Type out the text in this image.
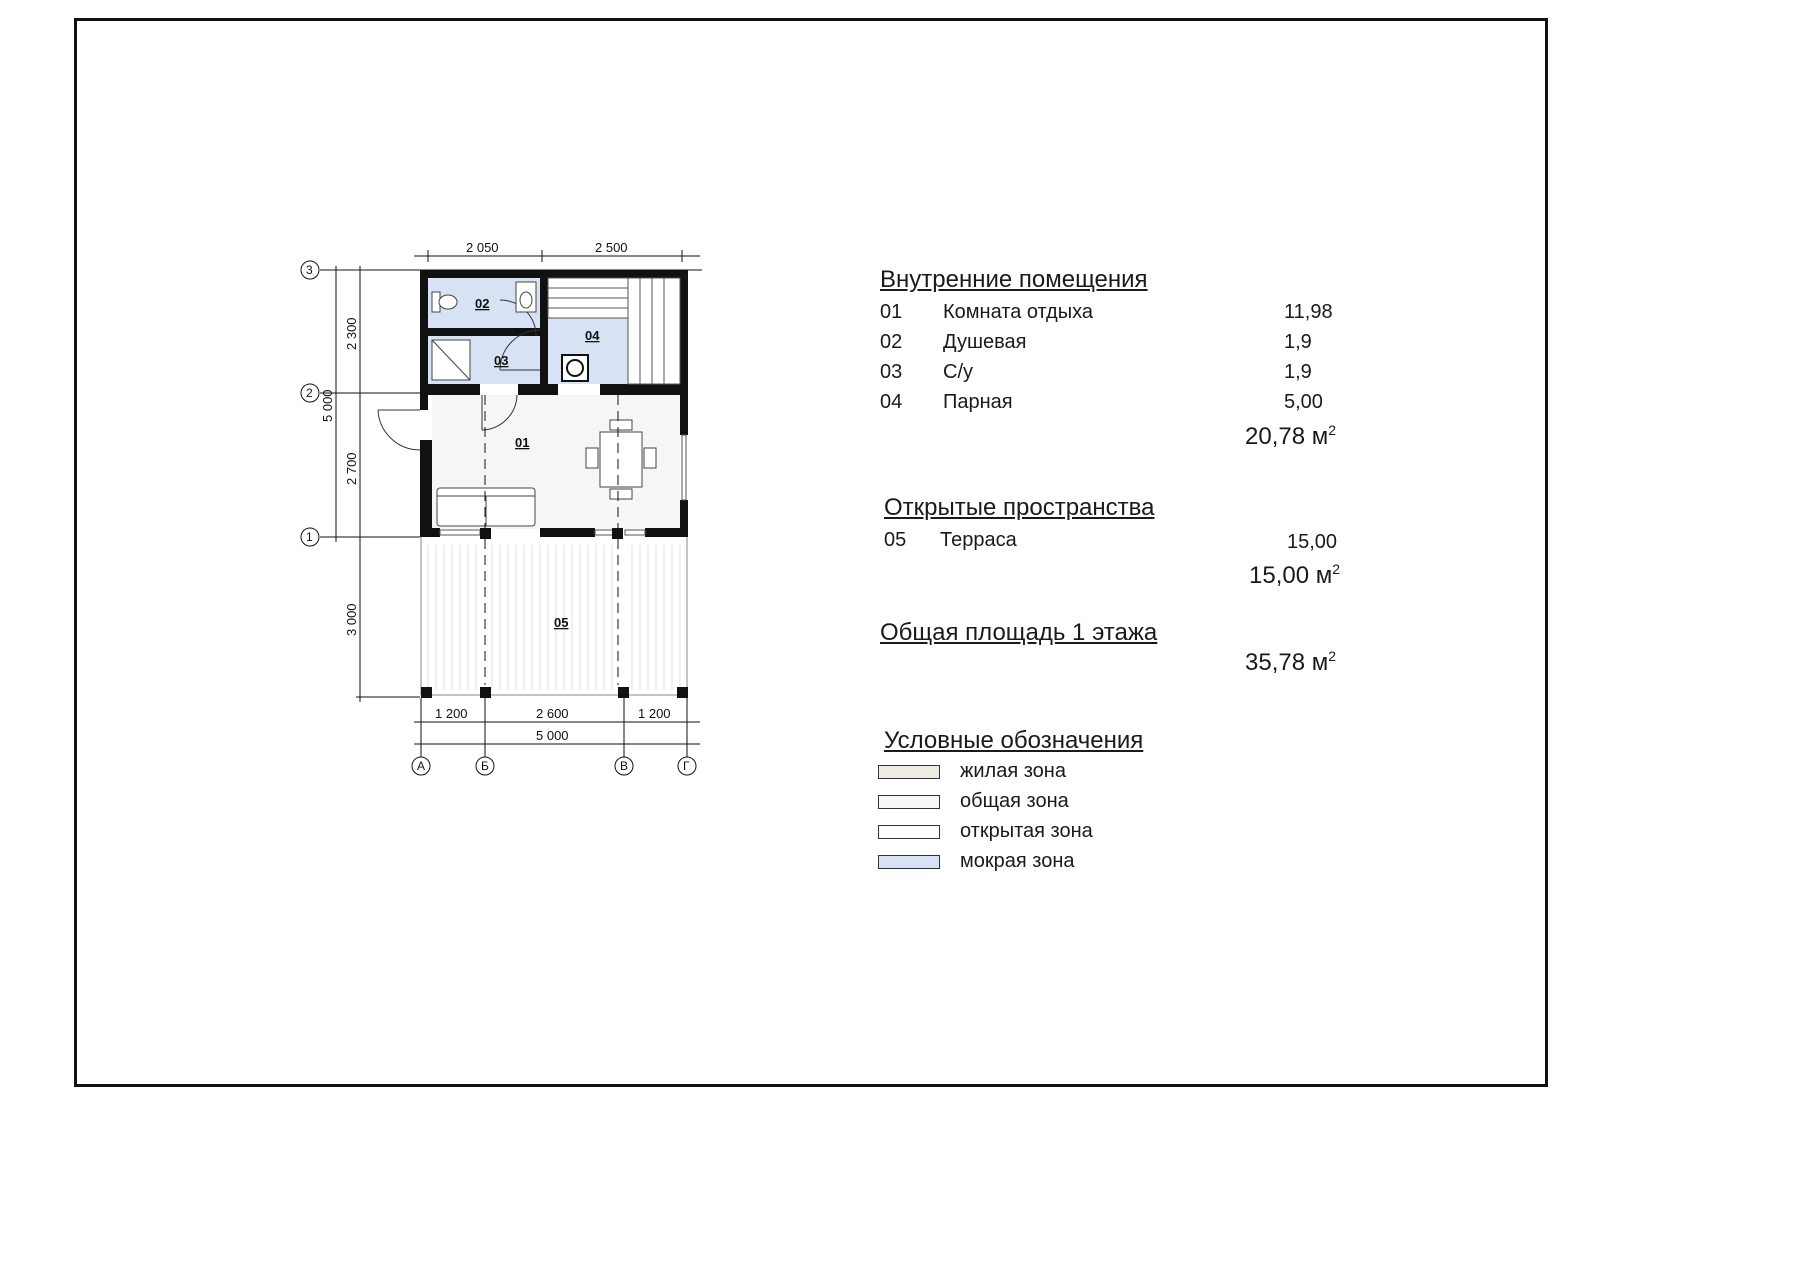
2 050	2 500
1 200	2 600	1 200
5 000
2 300
2 700
3 000
5 000
3
2
1
А	Б	В	Г
01
02
03
04
05
Внутренние помещения
01 Комната отдыха	11,98
02 Душевая	1,9
03 С/у	1,9
04 Парная	5,00
20,78 $м^2$
Открытые пространства
05 Терраса	15,00
15,00 $м^2$
Общая площадь 1 этажа
35,78 $м^2$
Условные обозначения
жилая зона
общая зона
открытая зона
мокрая зона
